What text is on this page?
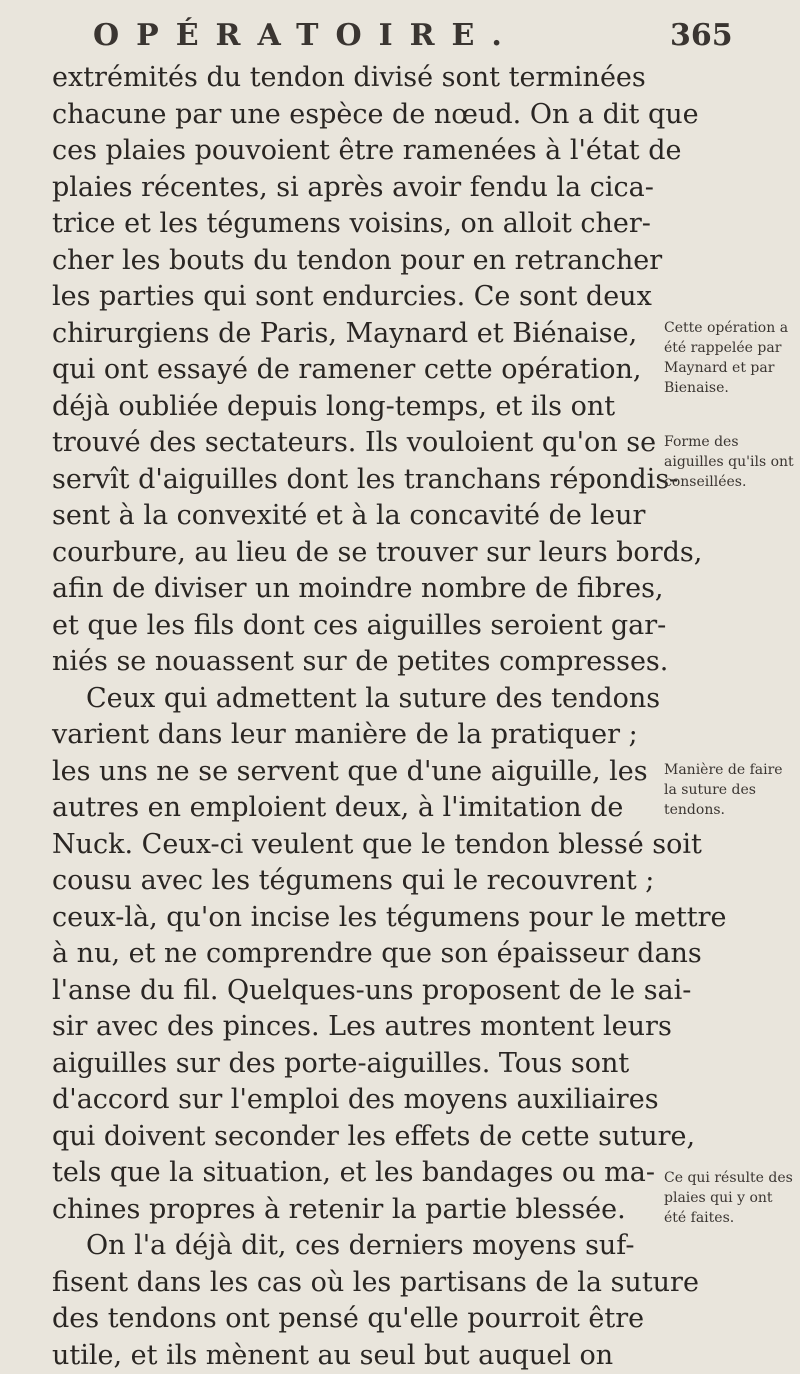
OPÉRATOIRE.	365
extrémités du tendon divisé sont terminées
chacune par une espèce de nœud. On a dit que
ces plaies pouvoient être ramenées à l'état de
plaies récentes, si après avoir fendu la cica-
trice et les tégumens voisins, on alloit cher-
cher les bouts du tendon pour en retrancher
les parties qui sont endurcies. Ce sont deux
chirurgiens de Paris, Maynard et Biénaise,
qui ont essayé de ramener cette opération,
déjà oubliée depuis long-temps, et ils ont
trouvé des sectateurs. Ils vouloient qu'on se
servît d'aiguilles dont les tranchans répondis-
sent à la convexité et à la concavité de leur
courbure, au lieu de se trouver sur leurs bords,
afin de diviser un moindre nombre de fibres,
et que les fils dont ces aiguilles seroient gar-
niés se nouassent sur de petites compresses.
Ceux qui admettent la suture des tendons
varient dans leur manière de la pratiquer ;
les uns ne se servent que d'une aiguille, les
autres en emploient deux, à l'imitation de
Nuck. Ceux-ci veulent que le tendon blessé soit
cousu avec les tégumens qui le recouvrent ;
ceux-là, qu'on incise les tégumens pour le mettre
à nu, et ne comprendre que son épaisseur dans
l'anse du fil. Quelques-uns proposent de le sai-
sir avec des pinces. Les autres montent leurs
aiguilles sur des porte-aiguilles. Tous sont
d'accord sur l'emploi des moyens auxiliaires
qui doivent seconder les effets de cette suture,
tels que la situation, et les bandages ou ma-
chines propres à retenir la partie blessée.
On l'a déjà dit, ces derniers moyens suf-
fisent dans les cas où les partisans de la suture
des tendons ont pensé qu'elle pourroit être
utile, et ils mènent au seul but auquel on
Cette opération a été rappelée par Maynard et par Bienaise.
Forme des aiguilles qu'ils ont conseillées.
Manière de faire la suture des tendons.
Ce qui résulte des plaies qui y ont été faites.
